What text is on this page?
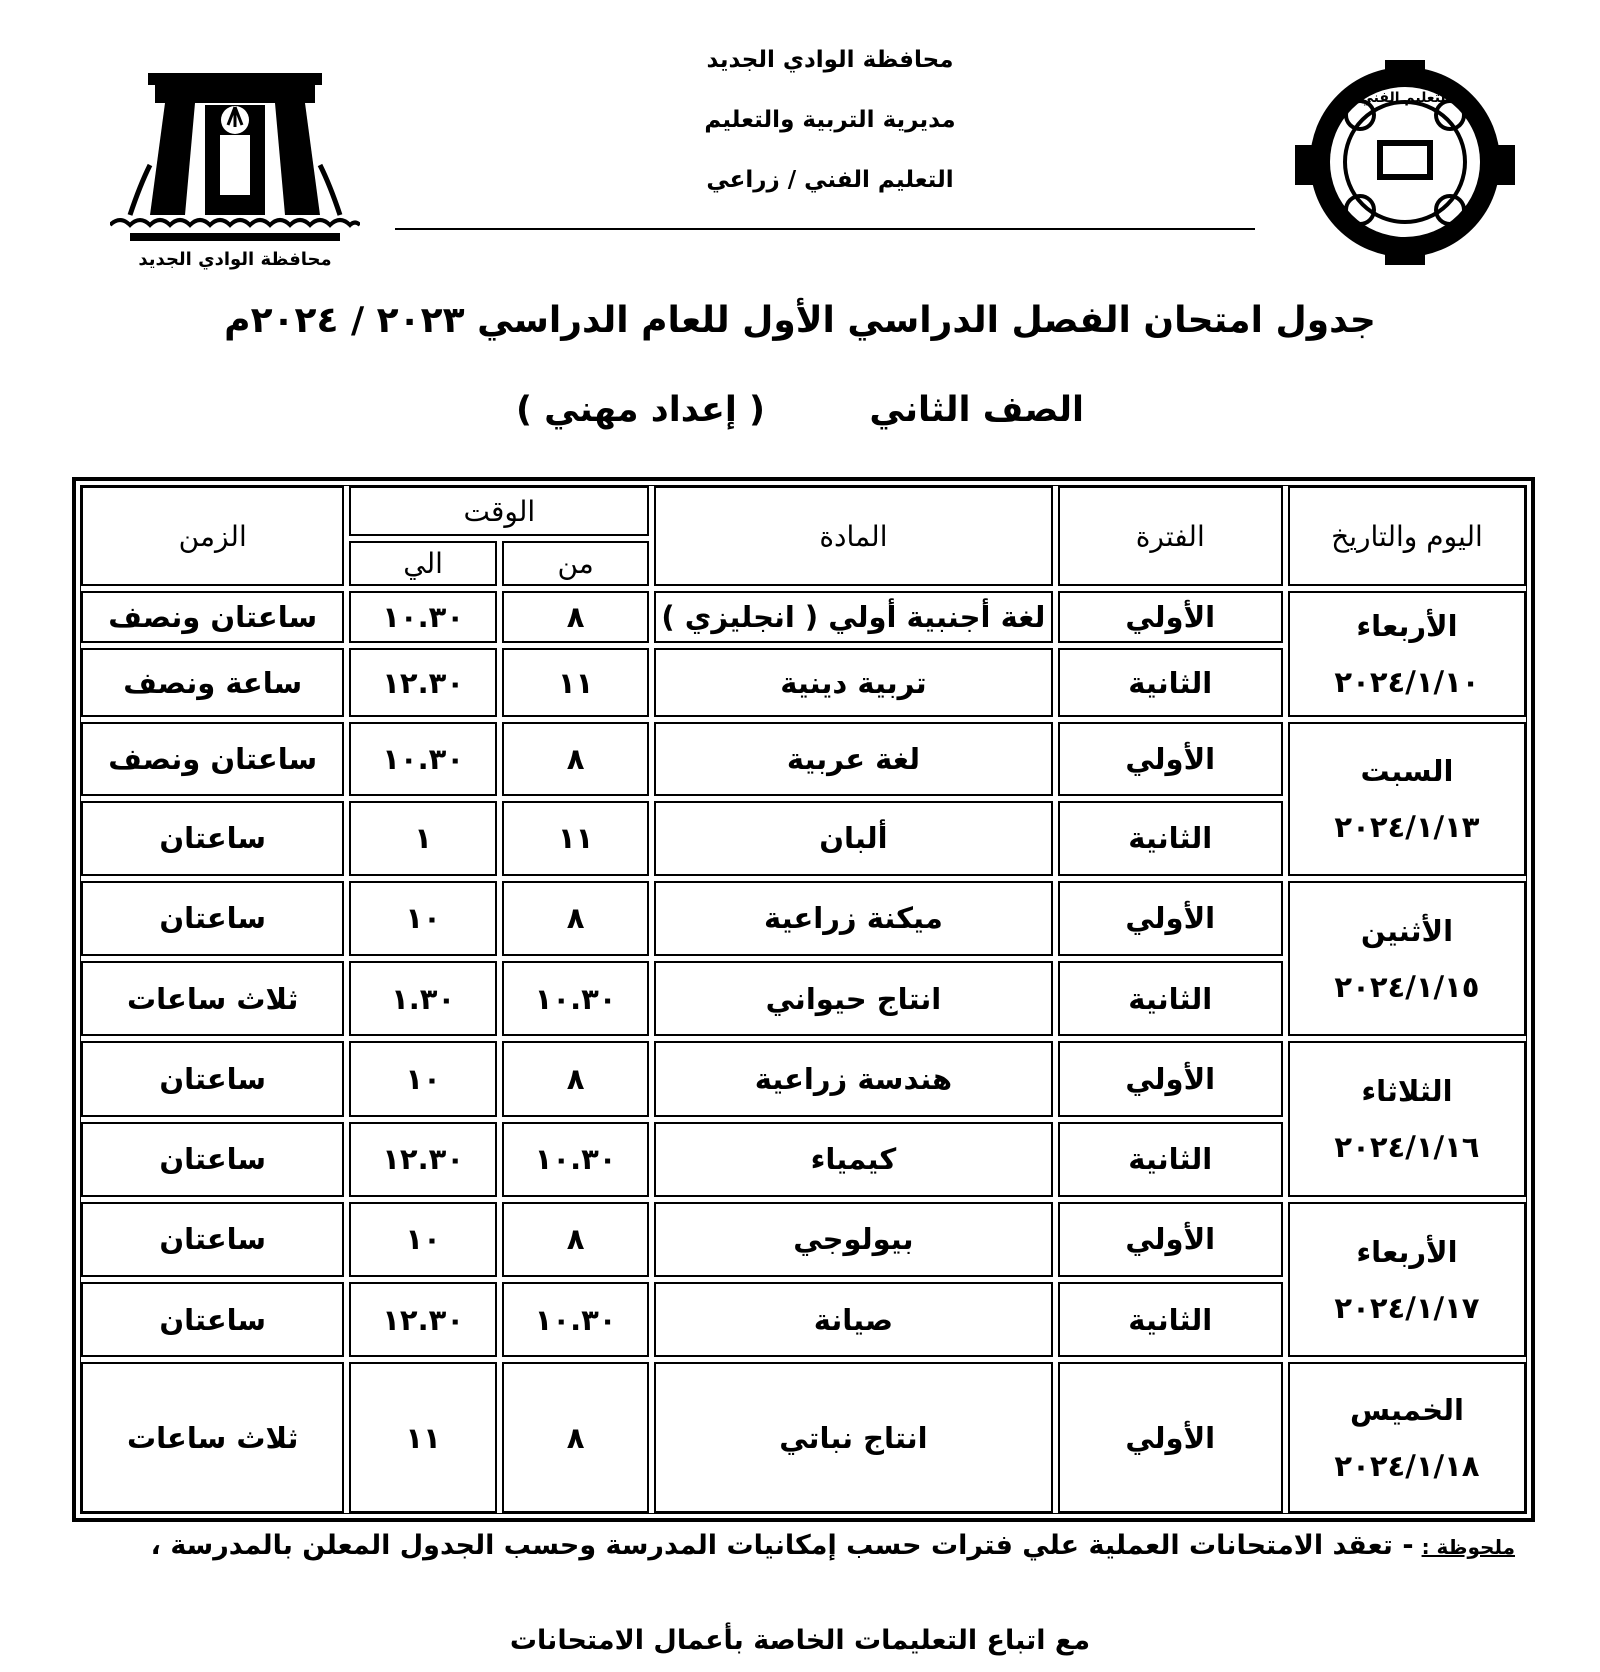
محافظة الوادي الجديد
مديرية التربية والتعليم
التعليم الفني / زراعي
محافظة الوادي الجديد
التعليم الفني
جدول امتحان الفصل الدراسي الأول للعام الدراسي ٢٠٢٣ / ٢٠٢٤م
الصف الثاني  ( إعداد مهني )
اليوم والتاريخ	الفترة	المادة	الوقت		الزمن
			من	الي	

الأربعاء
٢٠٢٤/١/١٠	الأولي	لغة أجنبية أولي ( انجليزي )	٨	١٠.٣٠	ساعتان ونصف
	الثانية	تربية دينية	١١	١٢.٣٠	ساعة ونصف

السبت
٢٠٢٤/١/١٣	الأولي	لغة عربية	٨	١٠.٣٠	ساعتان ونصف
	الثانية	ألبان	١١	١	ساعتان

الأثنين
٢٠٢٤/١/١٥	الأولي	ميكنة زراعية	٨	١٠	ساعتان
	الثانية	انتاج حيواني	١٠.٣٠	١.٣٠	ثلاث ساعات

الثلاثاء
٢٠٢٤/١/١٦	الأولي	هندسة زراعية	٨	١٠	ساعتان
	الثانية	كيمياء	١٠.٣٠	١٢.٣٠	ساعتان

الأربعاء
٢٠٢٤/١/١٧	الأولي	بيولوجي	٨	١٠	ساعتان
	الثانية	صيانة	١٠.٣٠	١٢.٣٠	ساعتان

الخميس
٢٠٢٤/١/١٨	الأولي	انتاج نباتي	٨	١١	ثلاث ساعات
ملحوظة :- تعقد الامتحانات العملية علي فترات حسب إمكانيات المدرسة وحسب الجدول المعلن بالمدرسة ،
مع اتباع التعليمات الخاصة بأعمال الامتحانات
